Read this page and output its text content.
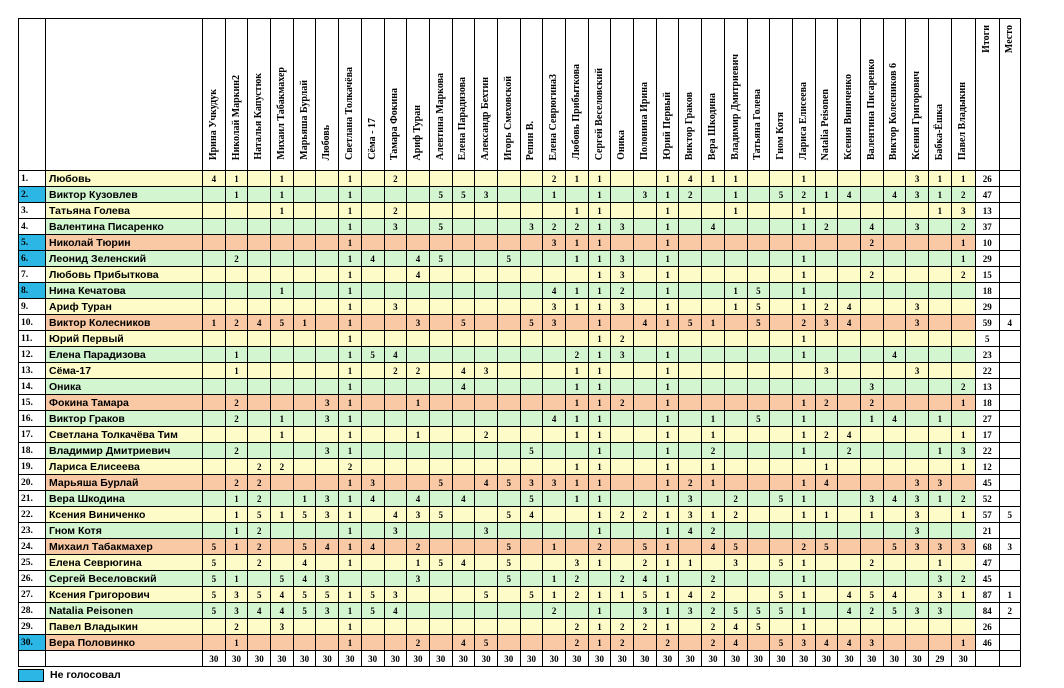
		Ирина Учкудук	Николай Маркин2	Наталья Капустюк	Михаил Табакмахер	Марьяша Бурлай	Любовь	Светлана Толкачёва	Сёма - 17	Тамара Фокина	Ариф Туран	Алевтина Маркова	Елена Парадизова	Александр Бехтин	Игорь Смеховской	Репин В.	Елена Севрюгина3	Любовь Прибыткова	Сергей Веселовский	Оника	Полонина Ирина	Юрий Первый	Виктор Граков	Вера Шкодина	Владимир Дмитриевич	Татьяна Голева	Гном Котя	Лариса Елисеева	Natalia Peisonen	Ксения Виниченко	Валентина Писаренко	Виктор Колесников 6	Ксения Григорович	Бабка-Ёшка	Павел Владыкин	Итоги	Место

1.	Любовь	4	1		1			1		2							2	1	1			1	4	1	1			1					3	1	1	26	
2.	Виктор Кузовлев		1		1			1				5	5	3			1		1		3	1	2		1		5	2	1	4		4	3	1	2	47	
3.	Татьяна Голева				1			1		2								1	1			1			1			1						1	3	13	
4.	Валентина Писаренко							1		3		5				3	2	2	1	3		1		4				1	2		4		3		2	37	
5.	Николай Тюрин							1									3	1	1			1									2				1	10	
6.	Леонид Зеленский		2					1	4		4	5			5			1	1	3		1						1							1	29	
7.	Любовь Прибыткова							1			4								1	3		1						1			2				2	15	
8.	Нина Кечатова				1			1									4	1	1	2		1			1	5		1								18	
9.	Ариф Туран							1		3							3	1	1	3		1			1	5		1	2	4			3			29	
10.	Виктор Колесников	1	2	4	5	1		1			3		5			5	3		1		4	1	5	1		5		2	3	4			3			59	4
11.	Юрий Первый							1											1	2								1								5	
12.	Елена Парадизова		1					1	5	4								2	1	3		1						1				4				23	
13.	Сёма-17		1					1		2	2		4	3				1	1			1							3				3			22	
14.	Оника							1					4					1	1			1									3				2	13	
15.	Фокина Тамара		2				3	1			1							1	1	2		1						1	2		2				1	18	
16.	Виктор Граков		2		1		3	1									4	1	1			1		1		5		1			1	4		1		27	
17.	Светлана Толкачёва Тим				1			1			1			2				1	1			1		1				1	2	4					1	17	
18.	Владимир Дмитриевич		2				3	1								5			1			1		2				1		2				1	3	22	
19.	Лариса Елисеева			2	2			2										1	1			1		1					1						1	12	
20.	Марьяша Бурлай		2	2				1	3			5		4	5	3	3	1	1			1	2	1				1	4				3	3		45	
21.	Вера Шкодина		1	2		1	3	1	4		4		4			5		1	1			1	3		2		5	1			3	4	3	1	2	52	
22.	Ксения Виниченко		1	5	1	5	3	1		4	3	5			5	4			1	2	2	1	3	1	2			1	1		1		3		1	57	5
23.	Гном Котя		1	2				1		3				3					1			1	4	2									3			21	
24.	Михаил Табакмахер	5	1	2		5	4	1	4		2				5		1		2		5	1		4	5			2	5			5	3	3	3	68	3
25.	Елена Севрюгина	5		2		4		1			1	5	4		5			3	1		2	1	1		3		5	1			2			1		47	
26.	Сергей Веселовский	5	1		5	4	3				3				5		1	2		2	4	1		2				1						3	2	45	
27.	Ксения Григорович	5	3	5	4	5	5	1	5	3				5		5	1	2	1	1	5	1	4	2			5	1		4	5	4		3	1	87	1
28.	Natalia Peisonen	5	3	4	4	5	3	1	5	4							2		1		3	1	3	2	5	5	5	1		4	2	5	3	3		84	2
29.	Павел Владыкин		2		3			1										2	1	2	2	1		2	4	5		1								26	
30.	Вера Половинко		1					1			2		4	5				2	1	2		2		2	4		5	3	4	4	3				1	46	
		30	30	30	30	30	30	30	30	30	30	30	30	30	30	30	30	30	30	30	30	30	30	30	30	30	30	30	30	30	30	30	30	29	30		
Не голосовал
